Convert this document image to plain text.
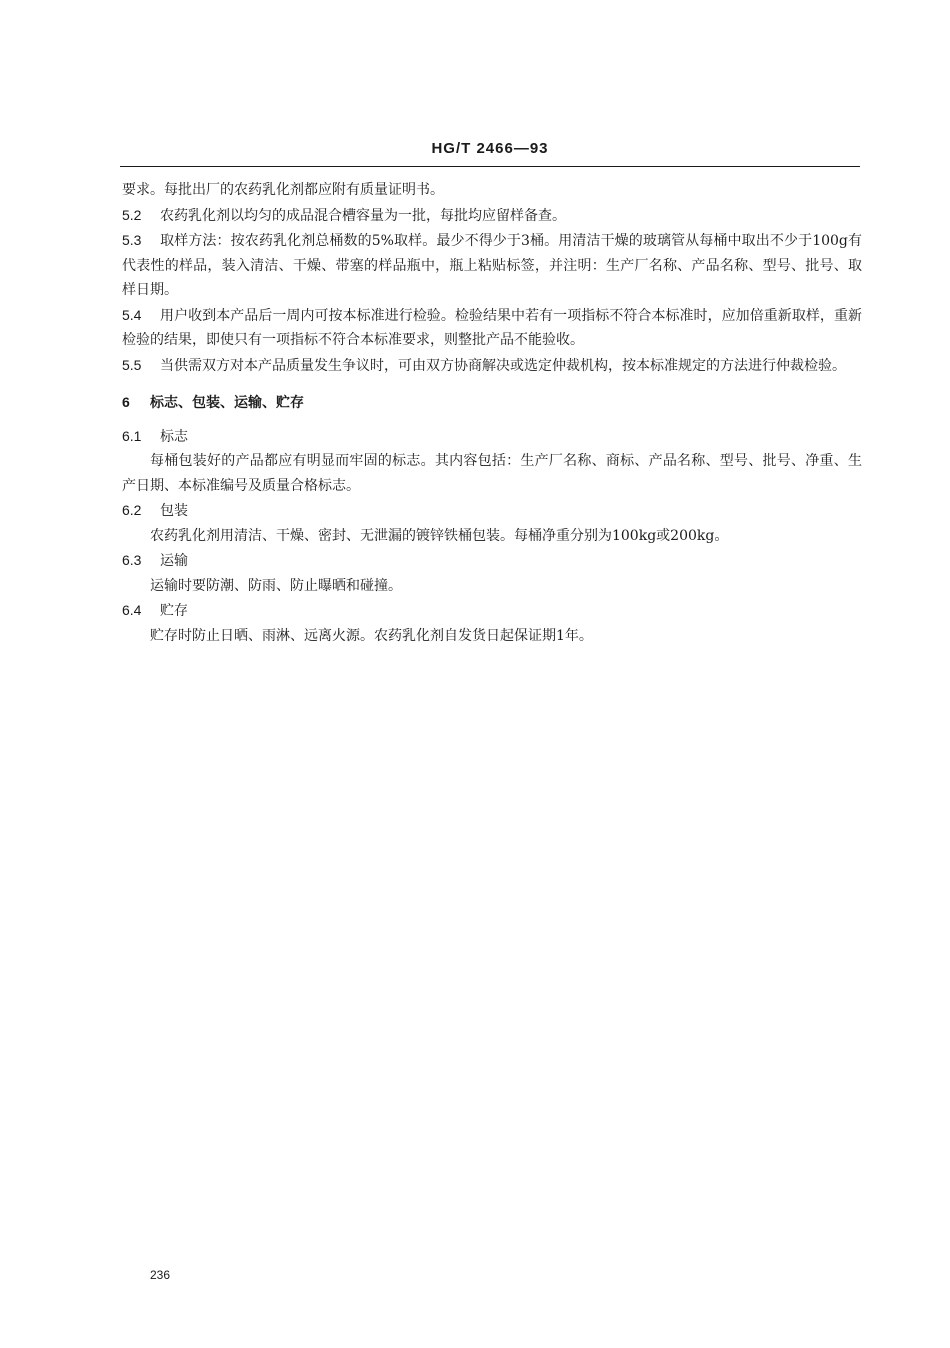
HG/T 2466—93

要求。每批出厂的农药乳化剂都应附有质量证明书。

5.2 农药乳化剂以均匀的成品混合槽容量为一批，每批均应留样备查。

5.3 取样方法：按农药乳化剂总桶数的5%取样。最少不得少于3桶。用清洁干燥的玻璃管从每桶中取出不少于100g有代表性的样品，装入清洁、干燥、带塞的样品瓶中，瓶上粘贴标签，并注明：生产厂名称、产品名称、型号、批号、取样日期。

5.4 用户收到本产品后一周内可按本标准进行检验。检验结果中若有一项指标不符合本标准时，应加倍重新取样，重新检验的结果，即使只有一项指标不符合本标准要求，则整批产品不能验收。

5.5 当供需双方对本产品质量发生争议时，可由双方协商解决或选定仲裁机构，按本标准规定的方法进行仲裁检验。

6 标志、包装、运输、贮存

6.1 标志

每桶包装好的产品都应有明显而牢固的标志。其内容包括：生产厂名称、商标、产品名称、型号、批号、净重、生产日期、本标准编号及质量合格标志。

6.2 包装

农药乳化剂用清洁、干燥、密封、无泄漏的镀锌铁桶包装。每桶净重分别为100kg或200kg。

6.3 运输

运输时要防潮、防雨、防止曝晒和碰撞。

6.4 贮存

贮存时防止日晒、雨淋、远离火源。农药乳化剂自发货日起保证期1年。

236
